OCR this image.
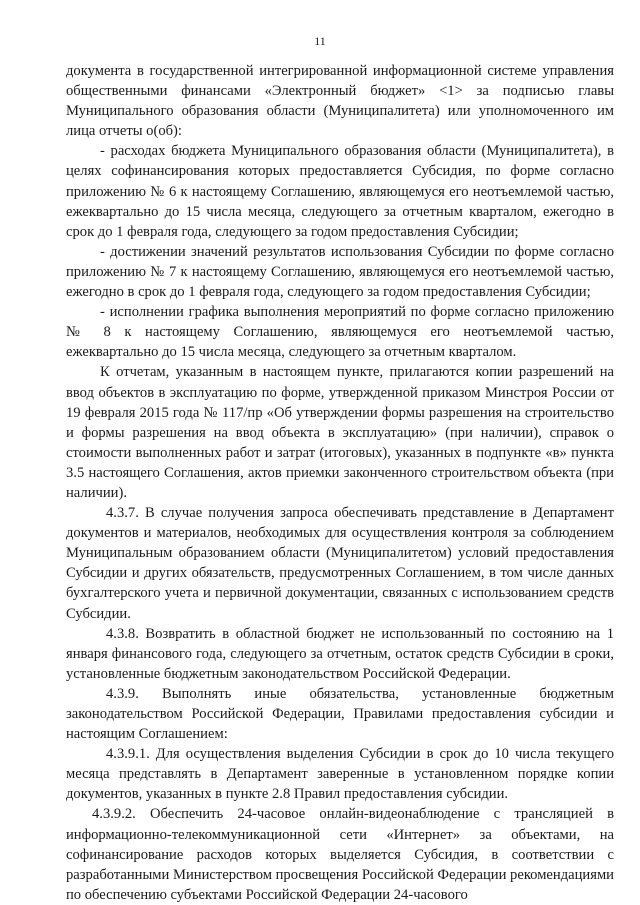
11

документа в государственной интегрированной информационной системе управления общественными финансами «Электронный бюджет» <1> за подписью главы Муниципального образования области (Муниципалитета) или уполномоченного им лица отчеты о(об):

- расходах бюджета Муниципального образования области (Муниципалитета), в целях софинансирования которых предоставляется Субсидия, по форме согласно приложению № 6 к настоящему Соглашению, являющемуся его неотъемлемой частью, ежеквартально до 15 числа месяца, следующего за отчетным кварталом, ежегодно в срок до 1 февраля года, следующего за годом предоставления Субсидии;

- достижении значений результатов использования Субсидии по форме согласно приложению № 7 к настоящему Соглашению, являющемуся его неотъемлемой частью, ежегодно в срок до 1 февраля года, следующего за годом предоставления Субсидии;

- исполнении графика выполнения мероприятий по форме согласно приложению № 8 к настоящему Соглашению, являющемуся его неотъемлемой частью, ежеквартально до 15 числа месяца, следующего за отчетным кварталом.

К отчетам, указанным в настоящем пункте, прилагаются копии разрешений на ввод объектов в эксплуатацию по форме, утвержденной приказом Минстроя России от 19 февраля 2015 года № 117/пр «Об утверждении формы разрешения на строительство и формы разрешения на ввод объекта в эксплуатацию» (при наличии), справок о стоимости выполненных работ и затрат (итоговых), указанных в подпункте «в» пункта 3.5 настоящего Соглашения, актов приемки законченного строительством объекта (при наличии).

4.3.7. В случае получения запроса обеспечивать представление в Департамент документов и материалов, необходимых для осуществления контроля за соблюдением Муниципальным образованием области (Муниципалитетом) условий предоставления Субсидии и других обязательств, предусмотренных Соглашением, в том числе данных бухгалтерского учета и первичной документации, связанных с использованием средств Субсидии.

4.3.8. Возвратить в областной бюджет не использованный по состоянию на 1 января финансового года, следующего за отчетным, остаток средств Субсидии в сроки, установленные бюджетным законодательством Российской Федерации.

4.3.9. Выполнять иные обязательства, установленные бюджетным законодательством Российской Федерации, Правилами предоставления субсидии и настоящим Соглашением:

4.3.9.1. Для осуществления выделения Субсидии в срок до 10 числа текущего месяца представлять в Департамент заверенные в установленном порядке копии документов, указанных в пункте 2.8 Правил предоставления субсидии.

4.3.9.2. Обеспечить 24-часовое онлайн-видеонаблюдение с трансляцией в информационно-телекоммуникационной сети «Интернет» за объектами, на софинансирование расходов которых выделяется Субсидия, в соответствии с разработанными Министерством просвещения Российской Федерации рекомендациями по обеспечению субъектами Российской Федерации 24-часового
